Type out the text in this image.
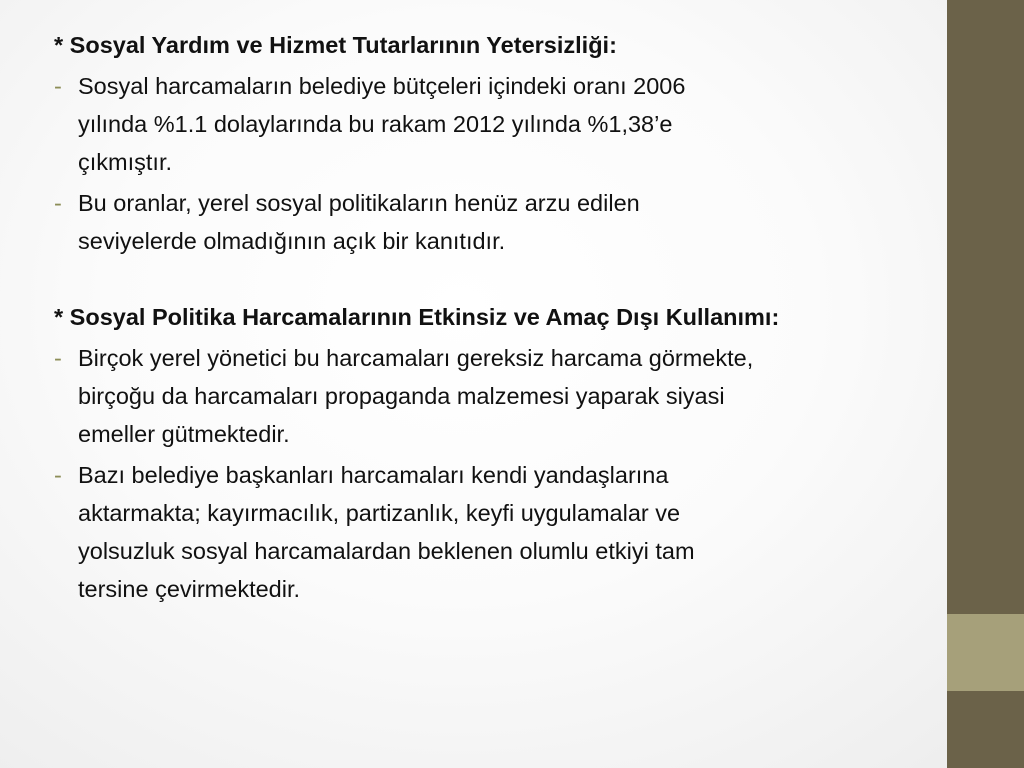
* Sosyal Yardım ve Hizmet Tutarlarının Yetersizliği:

- Sosyal harcamaların belediye bütçeleri içindeki oranı 2006
yılında %1.1 dolaylarında bu rakam 2012 yılında %1,38’e
çıkmıştır.
- Bu oranlar, yerel sosyal politikaların henüz arzu edilen
seviyelerde olmadığının açık bir kanıtıdır.

* Sosyal Politika Harcamalarının Etkinsiz ve Amaç Dışı Kullanımı:

- Birçok yerel yönetici bu harcamaları gereksiz harcama görmekte,
birçoğu da harcamaları propaganda malzemesi yaparak siyasi
emeller gütmektedir.
- Bazı belediye başkanları harcamaları kendi yandaşlarına
aktarmakta; kayırmacılık, partizanlık, keyfi uygulamalar ve
yolsuzluk sosyal harcamalardan beklenen olumlu etkiyi tam
tersine çevirmektedir.
